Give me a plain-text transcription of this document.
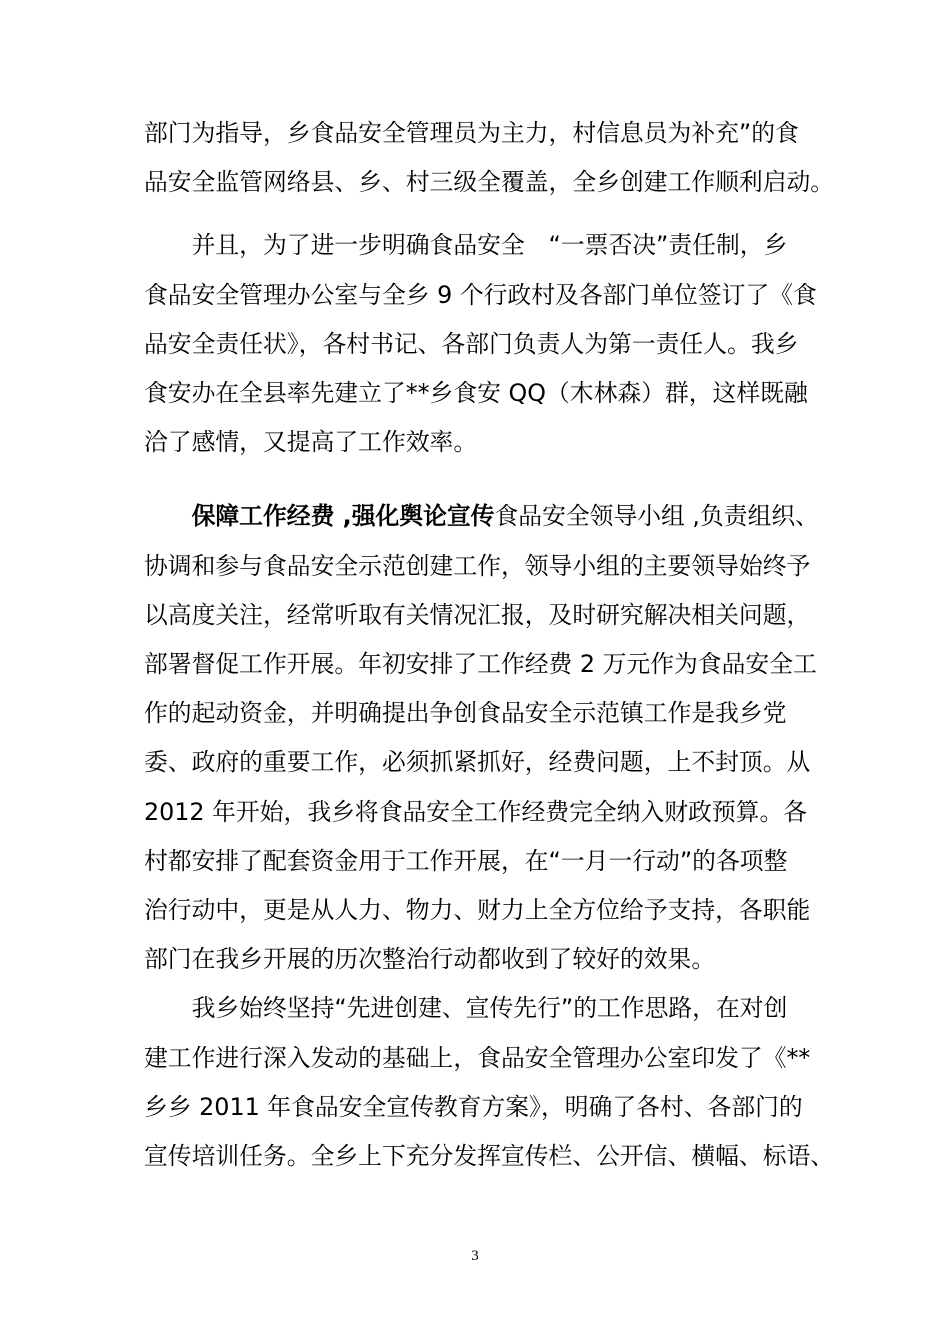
部门为指导，乡食品安全管理员为主力，村信息员为补充”的食
品安全监管网络县、乡、村三级全覆盖，全乡创建工作顺利启动。

并且，为了进一步明确食品安全　“一票否决”责任制，乡

食品安全管理办公室与全乡 9 个行政村及各部门单位签订了《食
品安全责任状》，各村书记、各部门负责人为第一责任人。我乡
食安办在全县率先建立了**乡食安 QQ（木林森）群，这样既融
洽了感情，又提高了工作效率。

保障工作经费 ,强化舆论宣传食品安全领导小组 ,负责组织、

协调和参与食品安全示范创建工作，领导小组的主要领导始终予
以高度关注，经常听取有关情况汇报，及时研究解决相关问题，
部署督促工作开展。年初安排了工作经费 2 万元作为食品安全工
作的起动资金，并明确提出争创食品安全示范镇工作是我乡党
委、政府的重要工作，必须抓紧抓好，经费问题，上不封顶。从
2012 年开始，我乡将食品安全工作经费完全纳入财政预算。各
村都安排了配套资金用于工作开展，在“一月一行动”的各项整
治行动中，更是从人力、物力、财力上全方位给予支持，各职能
部门在我乡开展的历次整治行动都收到了较好的效果。

我乡始终坚持“先进创建、宣传先行”的工作思路，在对创

建工作进行深入发动的基础上，食品安全管理办公室印发了《**
乡乡 2011 年食品安全宣传教育方案》，明确了各村、各部门的
宣传培训任务。全乡上下充分发挥宣传栏、公开信、横幅、标语、

3
